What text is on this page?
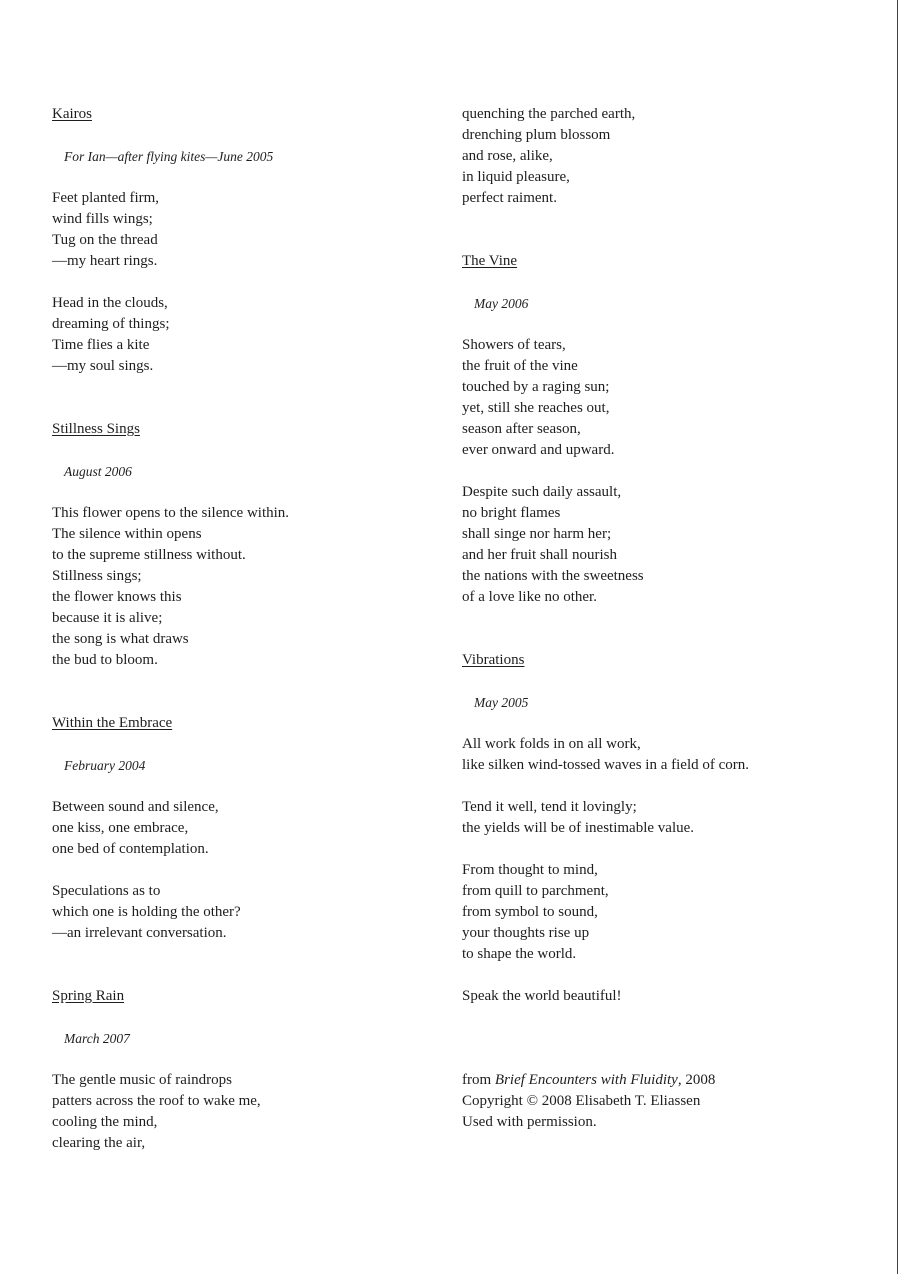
Kairos
For Ian—after flying kites—June 2005
Feet planted firm,
wind fills wings;
Tug on the thread
—my heart rings.
Head in the clouds,
dreaming of things;
Time flies a kite
—my soul sings.
Stillness Sings
August 2006
This flower opens to the silence within.
The silence within opens
to the supreme stillness without.
Stillness sings;
the flower knows this
because it is alive;
the song is what draws
the bud to bloom.
Within the Embrace
February 2004
Between sound and silence,
one kiss, one embrace,
one bed of contemplation.
Speculations as to
which one is holding the other?
—an irrelevant conversation.
Spring Rain
March 2007
The gentle music of raindrops
patters across the roof to wake me,
cooling the mind,
clearing the air,
quenching the parched earth,
drenching plum blossom
and rose, alike,
in liquid pleasure,
perfect raiment.
The Vine
May 2006
Showers of tears,
the fruit of the vine
touched by a raging sun;
yet, still she reaches out,
season after season,
ever onward and upward.
Despite such daily assault,
no bright flames
shall singe nor harm her;
and her fruit shall nourish
the nations with the sweetness
of a love like no other.
Vibrations
May 2005
All work folds in on all work,
like silken wind-tossed waves in a field of corn.
Tend it well, tend it lovingly;
the yields will be of inestimable value.
From thought to mind,
from quill to parchment,
from symbol to sound,
your thoughts rise up
to shape the world.
Speak the world beautiful!
from Brief Encounters with Fluidity, 2008
Copyright © 2008 Elisabeth T. Eliassen
Used with permission.
